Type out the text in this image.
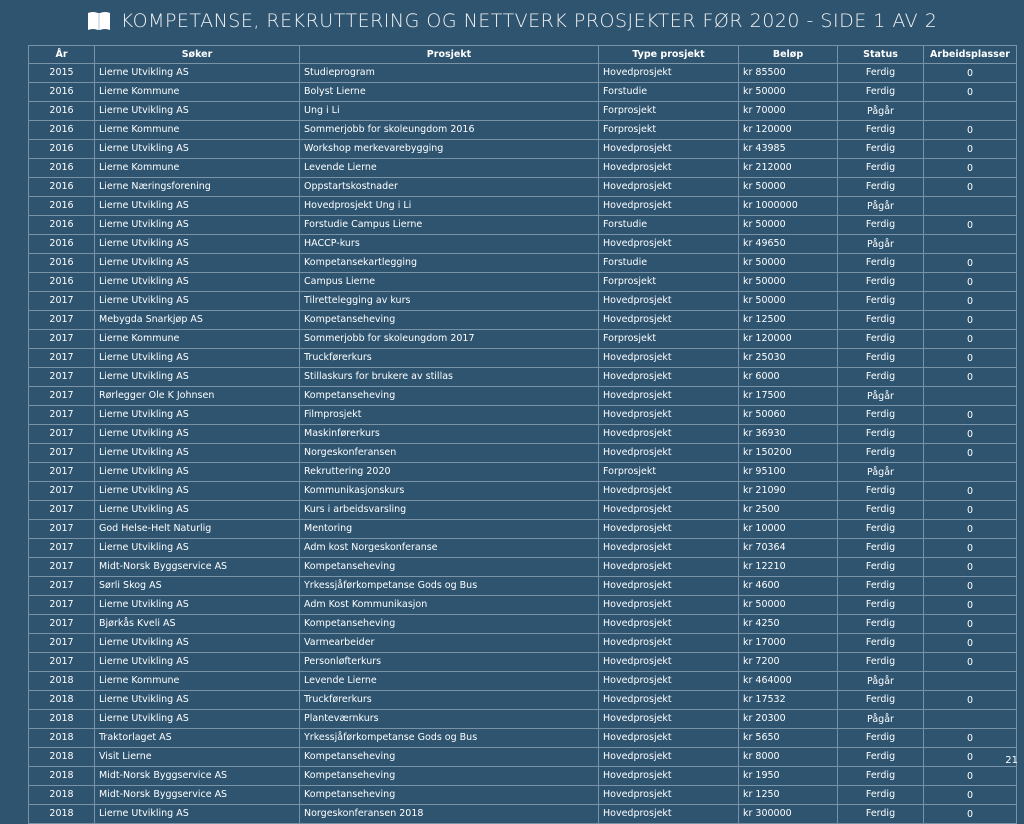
KOMPETANSE, REKRUTTERING OG NETTVERK PROSJEKTER FØR 2020 - SIDE 1 AV 2
År	Søker	Prosjekt	Type prosjekt	Beløp	Status	Arbeidsplasser
2015	Lierne Utvikling AS	Studieprogram	Hovedprosjekt	kr 85500	Ferdig	0
2016	Lierne Kommune	Bolyst Lierne	Forstudie	kr 50000	Ferdig	0
2016	Lierne Utvikling AS	Ung i Li	Forprosjekt	kr 70000	Pågår	
2016	Lierne Kommune	Sommerjobb for skoleungdom 2016	Forprosjekt	kr 120000	Ferdig	0
2016	Lierne Utvikling AS	Workshop merkevarebygging	Hovedprosjekt	kr 43985	Ferdig	0
2016	Lierne Kommune	Levende Lierne	Hovedprosjekt	kr 212000	Ferdig	0
2016	Lierne Næringsforening	Oppstartskostnader	Hovedprosjekt	kr 50000	Ferdig	0
2016	Lierne Utvikling AS	Hovedprosjekt Ung i Li	Hovedprosjekt	kr 1000000	Pågår	
2016	Lierne Utvikling AS	Forstudie Campus Lierne	Forstudie	kr 50000	Ferdig	0
2016	Lierne Utvikling AS	HACCP-kurs	Hovedprosjekt	kr 49650	Pågår	
2016	Lierne Utvikling AS	Kompetansekartlegging	Forstudie	kr 50000	Ferdig	0
2016	Lierne Utvikling AS	Campus Lierne	Forprosjekt	kr 50000	Ferdig	0
2017	Lierne Utvikling AS	Tilrettelegging av kurs	Hovedprosjekt	kr 50000	Ferdig	0
2017	Mebygda Snarkjøp AS	Kompetanseheving	Hovedprosjekt	kr 12500	Ferdig	0
2017	Lierne Kommune	Sommerjobb for skoleungdom 2017	Forprosjekt	kr 120000	Ferdig	0
2017	Lierne Utvikling AS	Truckførerkurs	Hovedprosjekt	kr 25030	Ferdig	0
2017	Lierne Utvikling AS	Stillaskurs for brukere av stillas	Hovedprosjekt	kr 6000	Ferdig	0
2017	Rørlegger Ole K Johnsen	Kompetanseheving	Hovedprosjekt	kr 17500	Pågår	
2017	Lierne Utvikling AS	Filmprosjekt	Hovedprosjekt	kr 50060	Ferdig	0
2017	Lierne Utvikling AS	Maskinførerkurs	Hovedprosjekt	kr 36930	Ferdig	0
2017	Lierne Utvikling AS	Norgeskonferansen	Hovedprosjekt	kr 150200	Ferdig	0
2017	Lierne Utvikling AS	Rekruttering 2020	Forprosjekt	kr 95100	Pågår	
2017	Lierne Utvikling AS	Kommunikasjonskurs	Hovedprosjekt	kr 21090	Ferdig	0
2017	Lierne Utvikling AS	Kurs i arbeidsvarsling	Hovedprosjekt	kr 2500	Ferdig	0
2017	God Helse-Helt Naturlig	Mentoring	Hovedprosjekt	kr 10000	Ferdig	0
2017	Lierne Utvikling AS	Adm kost Norgeskonferanse	Hovedprosjekt	kr 70364	Ferdig	0
2017	Midt-Norsk Byggservice AS	Kompetanseheving	Hovedprosjekt	kr 12210	Ferdig	0
2017	Sørli Skog AS	Yrkessjåførkompetanse Gods og Bus	Hovedprosjekt	kr 4600	Ferdig	0
2017	Lierne Utvikling AS	Adm Kost Kommunikasjon	Hovedprosjekt	kr 50000	Ferdig	0
2017	Bjørkås Kveli AS	Kompetanseheving	Hovedprosjekt	kr 4250	Ferdig	0
2017	Lierne Utvikling AS	Varmearbeider	Hovedprosjekt	kr 17000	Ferdig	0
2017	Lierne Utvikling AS	Personløfterkurs	Hovedprosjekt	kr 7200	Ferdig	0
2018	Lierne Kommune	Levende Lierne	Hovedprosjekt	kr 464000	Pågår	
2018	Lierne Utvikling AS	Truckførerkurs	Hovedprosjekt	kr 17532	Ferdig	0
2018	Lierne Utvikling AS	Planteværnkurs	Hovedprosjekt	kr 20300	Pågår	
2018	Traktorlaget AS	Yrkessjåførkompetanse Gods og Bus	Hovedprosjekt	kr 5650	Ferdig	0
2018	Visit Lierne	Kompetanseheving	Hovedprosjekt	kr 8000	Ferdig	0
2018	Midt-Norsk Byggservice AS	Kompetanseheving	Hovedprosjekt	kr 1950	Ferdig	0
2018	Midt-Norsk Byggservice AS	Kompetanseheving	Hovedprosjekt	kr 1250	Ferdig	0
2018	Lierne Utvikling AS	Norgeskonferansen 2018	Hovedprosjekt	kr 300000	Ferdig	0
21
